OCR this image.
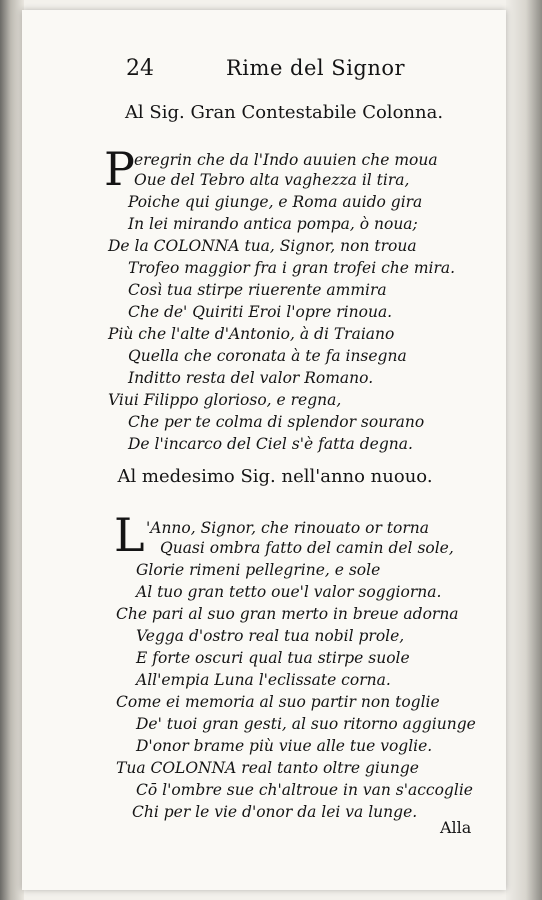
24	Rime del Signor
Al Sig. Gran Contestabile Colonna.
P eregrin che da l'Indo auuien che moua
Oue del Tebro alta vaghezza il tira,
Poiche qui giunge, e Roma auido gira
In lei mirando antica pompa, ò noua;
De la COLONNA tua, Signor, non troua
Trofeo maggior fra i gran trofei che mira.
Così tua stirpe riuerente ammira
Che de' Quiriti Eroi l'opre rinoua.
Più che l'alte d'Antonio, à di Traiano
Quella che coronata à te fa insegna
Inditto resta del valor Romano.
Viui Filippo glorioso, e regna,
Che per te colma di splendor sourano
De l'incarco del Ciel s'è fatta degna.
Al medesimo Sig. nell'anno nuouo.
L 'Anno, Signor, che rinouato or torna
Quasi ombra fatto del camin del sole,
Glorie rimeni pellegrine, e sole
Al tuo gran tetto oue'l valor soggiorna.
Che pari al suo gran merto in breue adorna
Vegga d'ostro real tua nobil prole,
E forte oscuri qual tua stirpe suole
All'empia Luna l'eclissate corna.
Come ei memoria al suo partir non toglie
De' tuoi gran gesti, al suo ritorno aggiunge
D'onor brame più viue alle tue voglie.
Tua COLONNA real tanto oltre giunge
Cō l'ombre sue ch'altroue in van s'accoglie
Chi per le vie d'onor da lei va lunge.
Alla
